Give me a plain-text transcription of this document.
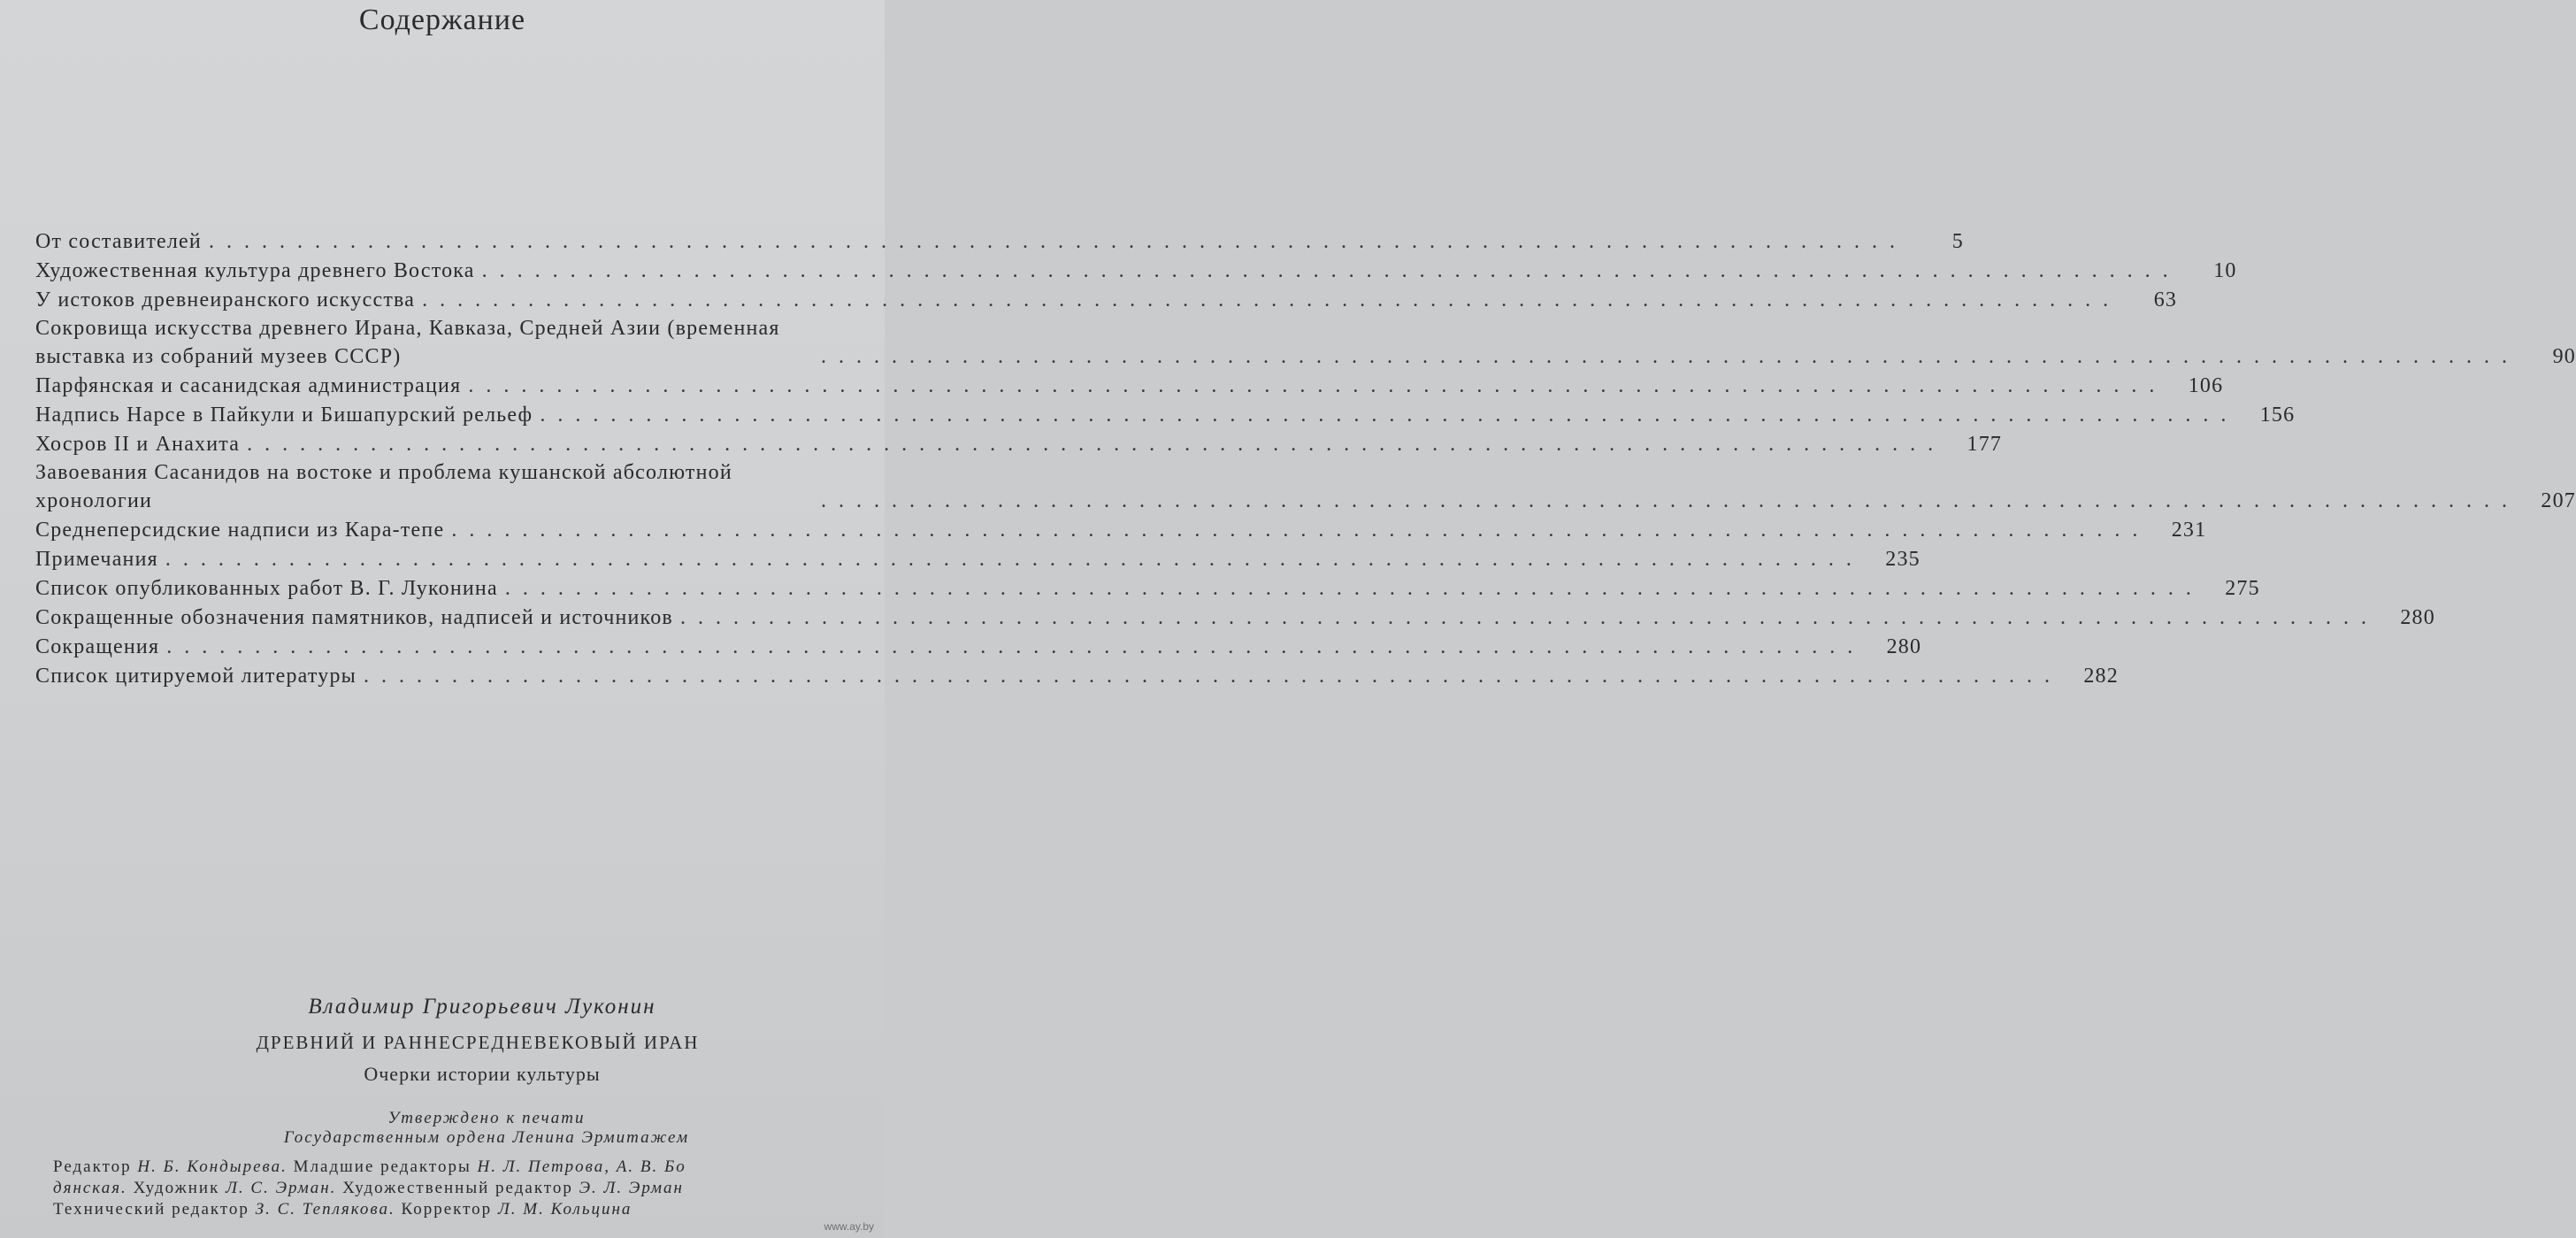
Содержание
От составителей ................................................................................................	5
Художественная культура древнего Востока ................................................................................................	10
У истоков древнеиранского искусства ................................................................................................	63
Сокровища искусства древнего Ирана, Кавказа, Средней Азии (временная выставка из собраний музеев СССР)	................................................................................................	90
Парфянская и сасанидская администрация ................................................................................................	106
Надпись Нарсе в Пайкули и Бишапурский рельеф ................................................................................................	156
Хосров II и Анахита ................................................................................................	177
Завоевания Сасанидов на востоке и проблема кушанской абсолютной хронологии	................................................................................................	207
Среднеперсидские надписи из Кара-тепе ................................................................................................	231
Примечания ................................................................................................	235
Список опубликованных работ В. Г. Луконина ................................................................................................	275
Сокращенные обозначения памятников, надписей и источников ................................................................................................	280
Сокращения ................................................................................................	280
Список цитируемой литературы ................................................................................................	282
Владимир Григорьевич Луконин
ДРЕВНИЙ И РАННЕСРЕДНЕВЕКОВЫЙ ИРАН
Очерки истории культуры
Утверждено к печати
Государственным ордена Ленина Эрмитажем
Редактор Н. Б. Кондырева. Младшие редакторы Н. Л. Петрова, А. В. Бо
дянская. Художник Л. С. Эрман. Художественный редактор Э. Л. Эрман
Технический редактор З. С. Теплякова. Корректор Л. М. Кольцина
www.ay.by
